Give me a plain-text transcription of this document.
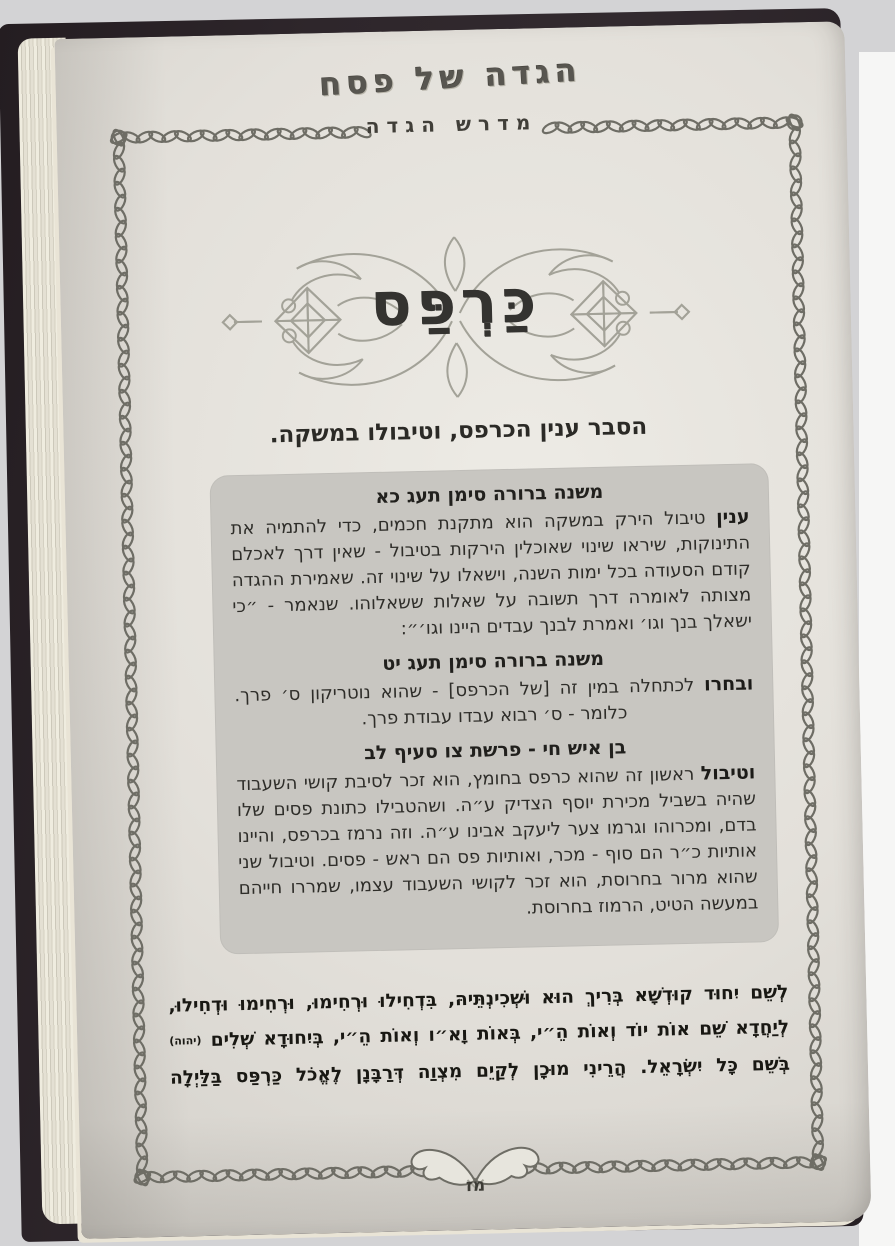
הגדה של פסח
מדרש הגדה
כַּרְפַּס
הסבר ענין הכרפס, וטיבולו במשקה.
משנה ברורה סימן תעג כא

ענין טיבול הירק במשקה הוא מתקנת חכמים, כדי להתמיה את התינוקות, שיראו שינוי שאוכלין הירקות בטיבול - שאין דרך לאכלם קודם הסעודה בכל ימות השנה, וישאלו על שינוי זה. שאמירת ההגדה מצותה לאומרה דרך תשובה על שאלות ששאלוהו. שנאמר - ״כי ישאלך בנך וגו׳ ואמרת לבנך עבדים היינו וגו׳״:

משנה ברורה סימן תעג יט

ובחרו לכתחלה במין זה [של הכרפס] - שהוא נוטריקון ס׳ פרך. כלומר - ס׳ רבוא עבדו עבודת פרך.

בן איש חי - פרשת צו סעיף לב

וטיבול ראשון זה שהוא כרפס בחומץ, הוא זכר לסיבת קושי השעבוד שהיה בשביל מכירת יוסף הצדיק ע״ה. ושהטבילו כתונת פסים שלו בדם, ומכרוהו וגרמו צער ליעקב אבינו ע״ה. וזה נרמז בכרפס, והיינו אותיות כ״ר הם סוף - מכר, ואותיות פס הם ראש - פסים. וטיבול שני שהוא מרור בחרוסת, הוא זכר לקושי השעבוד עצמו, שמררו חייהם במעשה הטיט, הרמוז בחרוסת.

לְשֵׁם יִחוּד קוּדְשָׁא בְּרִיךְ הוּא וּשְׁכִינְתֵּיהּ, בִּדְחִילוּ וּרְחִימוּ, וּרְחִימוּ וּדְחִילוּ, לְיַחֲדָא שֵׁם אוֹת יוֹד וְאוֹת הֵ״י, בְּאוֹת וָא״ו וְאוֹת הֵ״י, בְּיִחוּדָא שְׁלִים (יהוה) בְּשֵׁם כָּל יִשְׂרָאֵל. הֲרֵינִי מוּכָן לְקַיֵם מִצְוַה דְּרַבָּנָן לֶאֱכֹל כַּרְפַּס בַּלַּיְלָה

מז
